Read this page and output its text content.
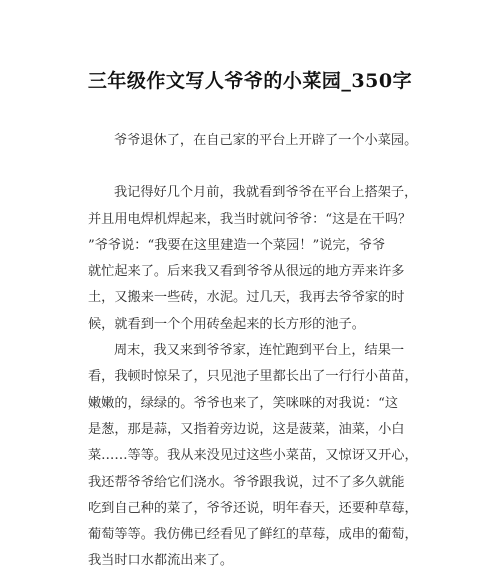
三年级作文写人爷爷的小菜园_350字
爷爷退休了，在自己家的平台上开辟了一个小菜园。
我记得好几个月前，我就看到爷爷在平台上搭架子，
并且用电焊机焊起来，我当时就问爷爷：“这是在干吗？
”爷爷说：“我要在这里建造一个菜园！”说完，爷爷
就忙起来了。后来我又看到爷爷从很远的地方弄来许多
土，又搬来一些砖，水泥。过几天，我再去爷爷家的时
候，就看到一个个用砖垒起来的长方形的池子。
周末，我又来到爷爷家，连忙跑到平台上，结果一
看，我顿时惊呆了，只见池子里都长出了一行行小苗苗，
嫩嫩的，绿绿的。爷爷也来了，笑咪咪的对我说：“这
是葱，那是蒜，又指着旁边说，这是菠菜，油菜，小白
菜……等等。我从来没见过这些小菜苗，又惊讶又开心，
我还帮爷爷给它们浇水。爷爷跟我说，过不了多久就能
吃到自己种的菜了，爷爷还说，明年春天，还要种草莓，
葡萄等等。我仿佛已经看见了鲜红的草莓，成串的葡萄，
我当时口水都流出来了。
